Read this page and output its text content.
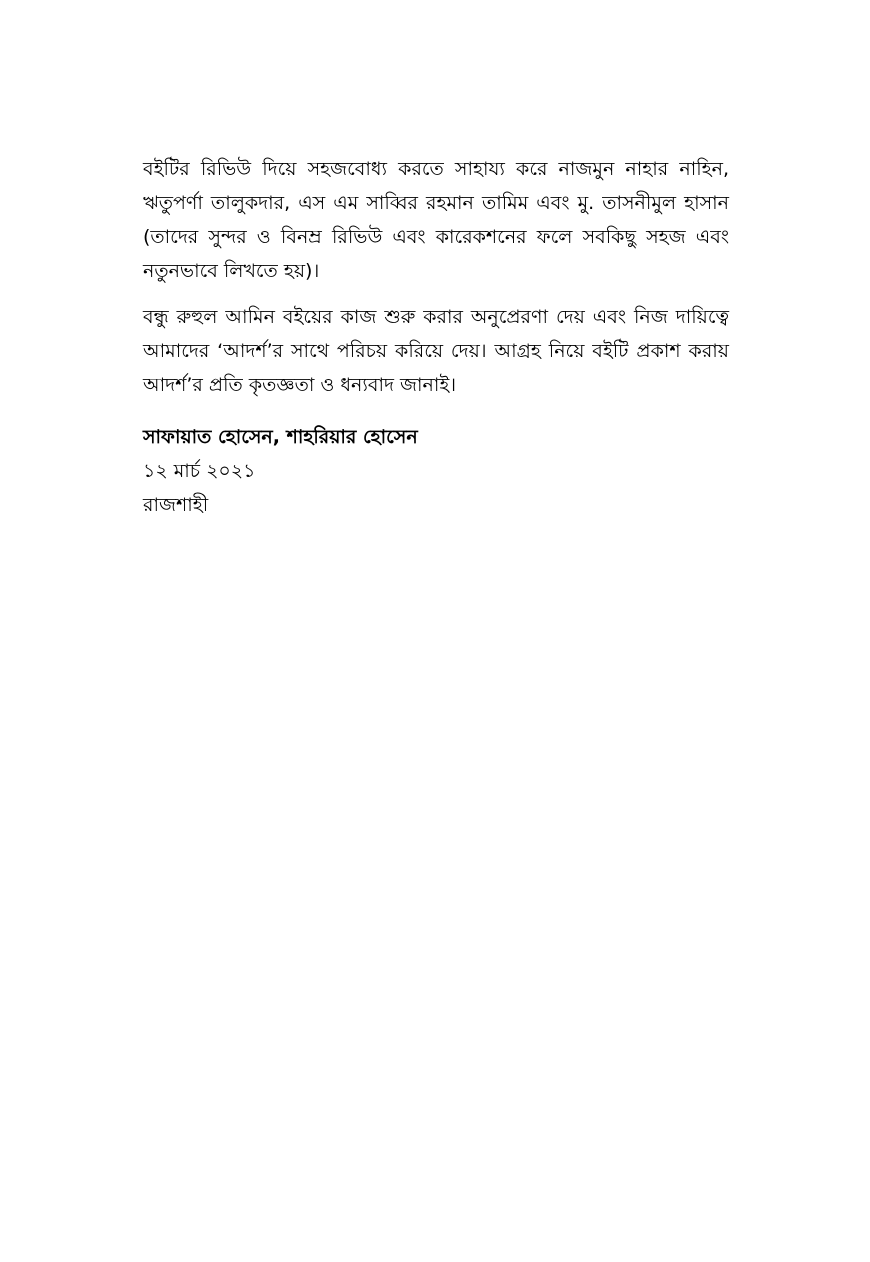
বইটির রিভিউ দিয়ে সহজবোধ্য করতে সাহায্য করে নাজমুন নাহার নাহিন, ঋতুপর্ণা তালুকদার, এস এম সাব্বির রহমান তামিম এবং মু. তাসনীমুল হাসান (তাদের সুন্দর ও বিনম্র রিভিউ এবং কারেকশনের ফলে সবকিছু সহজ এবং নতুনভাবে লিখতে হয়)।

বন্ধু রুহুল আমিন বইয়ের কাজ শুরু করার অনুপ্রেরণা দেয় এবং নিজ দায়িত্বে আমাদের ‘আদর্শ’র সাথে পরিচয় করিয়ে দেয়। আগ্রহ নিয়ে বইটি প্রকাশ করায় আদর্শ’র প্রতি কৃতজ্ঞতা ও ধন্যবাদ জানাই।

সাফায়াত হোসেন, শাহরিয়ার হোসেন

১২ মার্চ ২০২১

রাজশাহী
